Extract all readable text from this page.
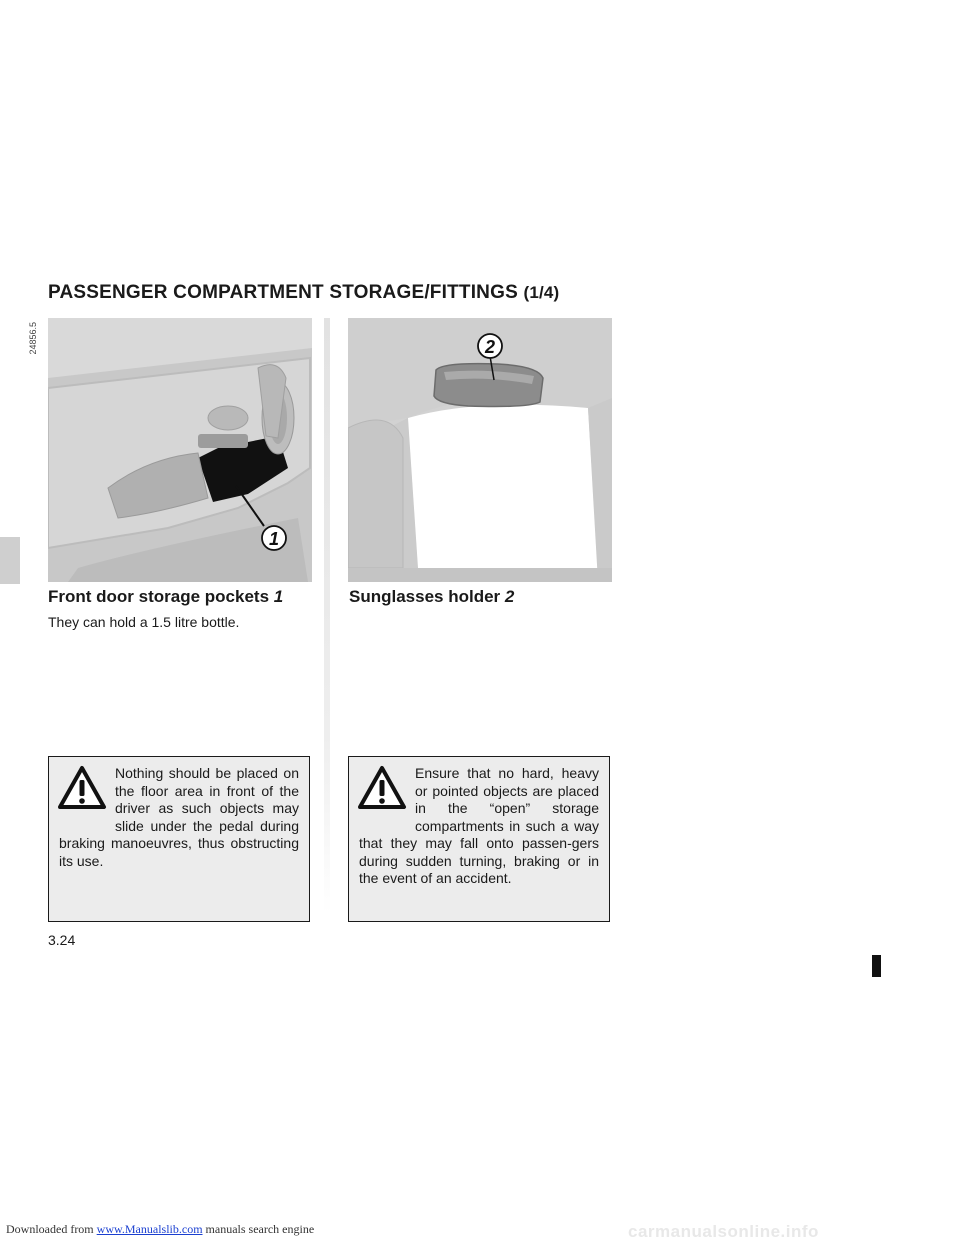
PASSENGER COMPARTMENT STORAGE/FITTINGS (1/4)
24856.5
1
2
Front door storage pockets 1
They can hold a 1.5 litre bottle.
Sunglasses holder 2
Nothing should be placed on the floor area in front of the driver as such objects may slide under the pedal during braking manoeuvres, thus obstructing its use.
Ensure that no hard, heavy or pointed objects are placed in the “open” storage compartments in such a way that they may fall onto passen-gers during sudden turning, braking or in the event of an accident.
3.24
Downloaded from www.Manualslib.com manuals search engine	carmanualsonline.info
